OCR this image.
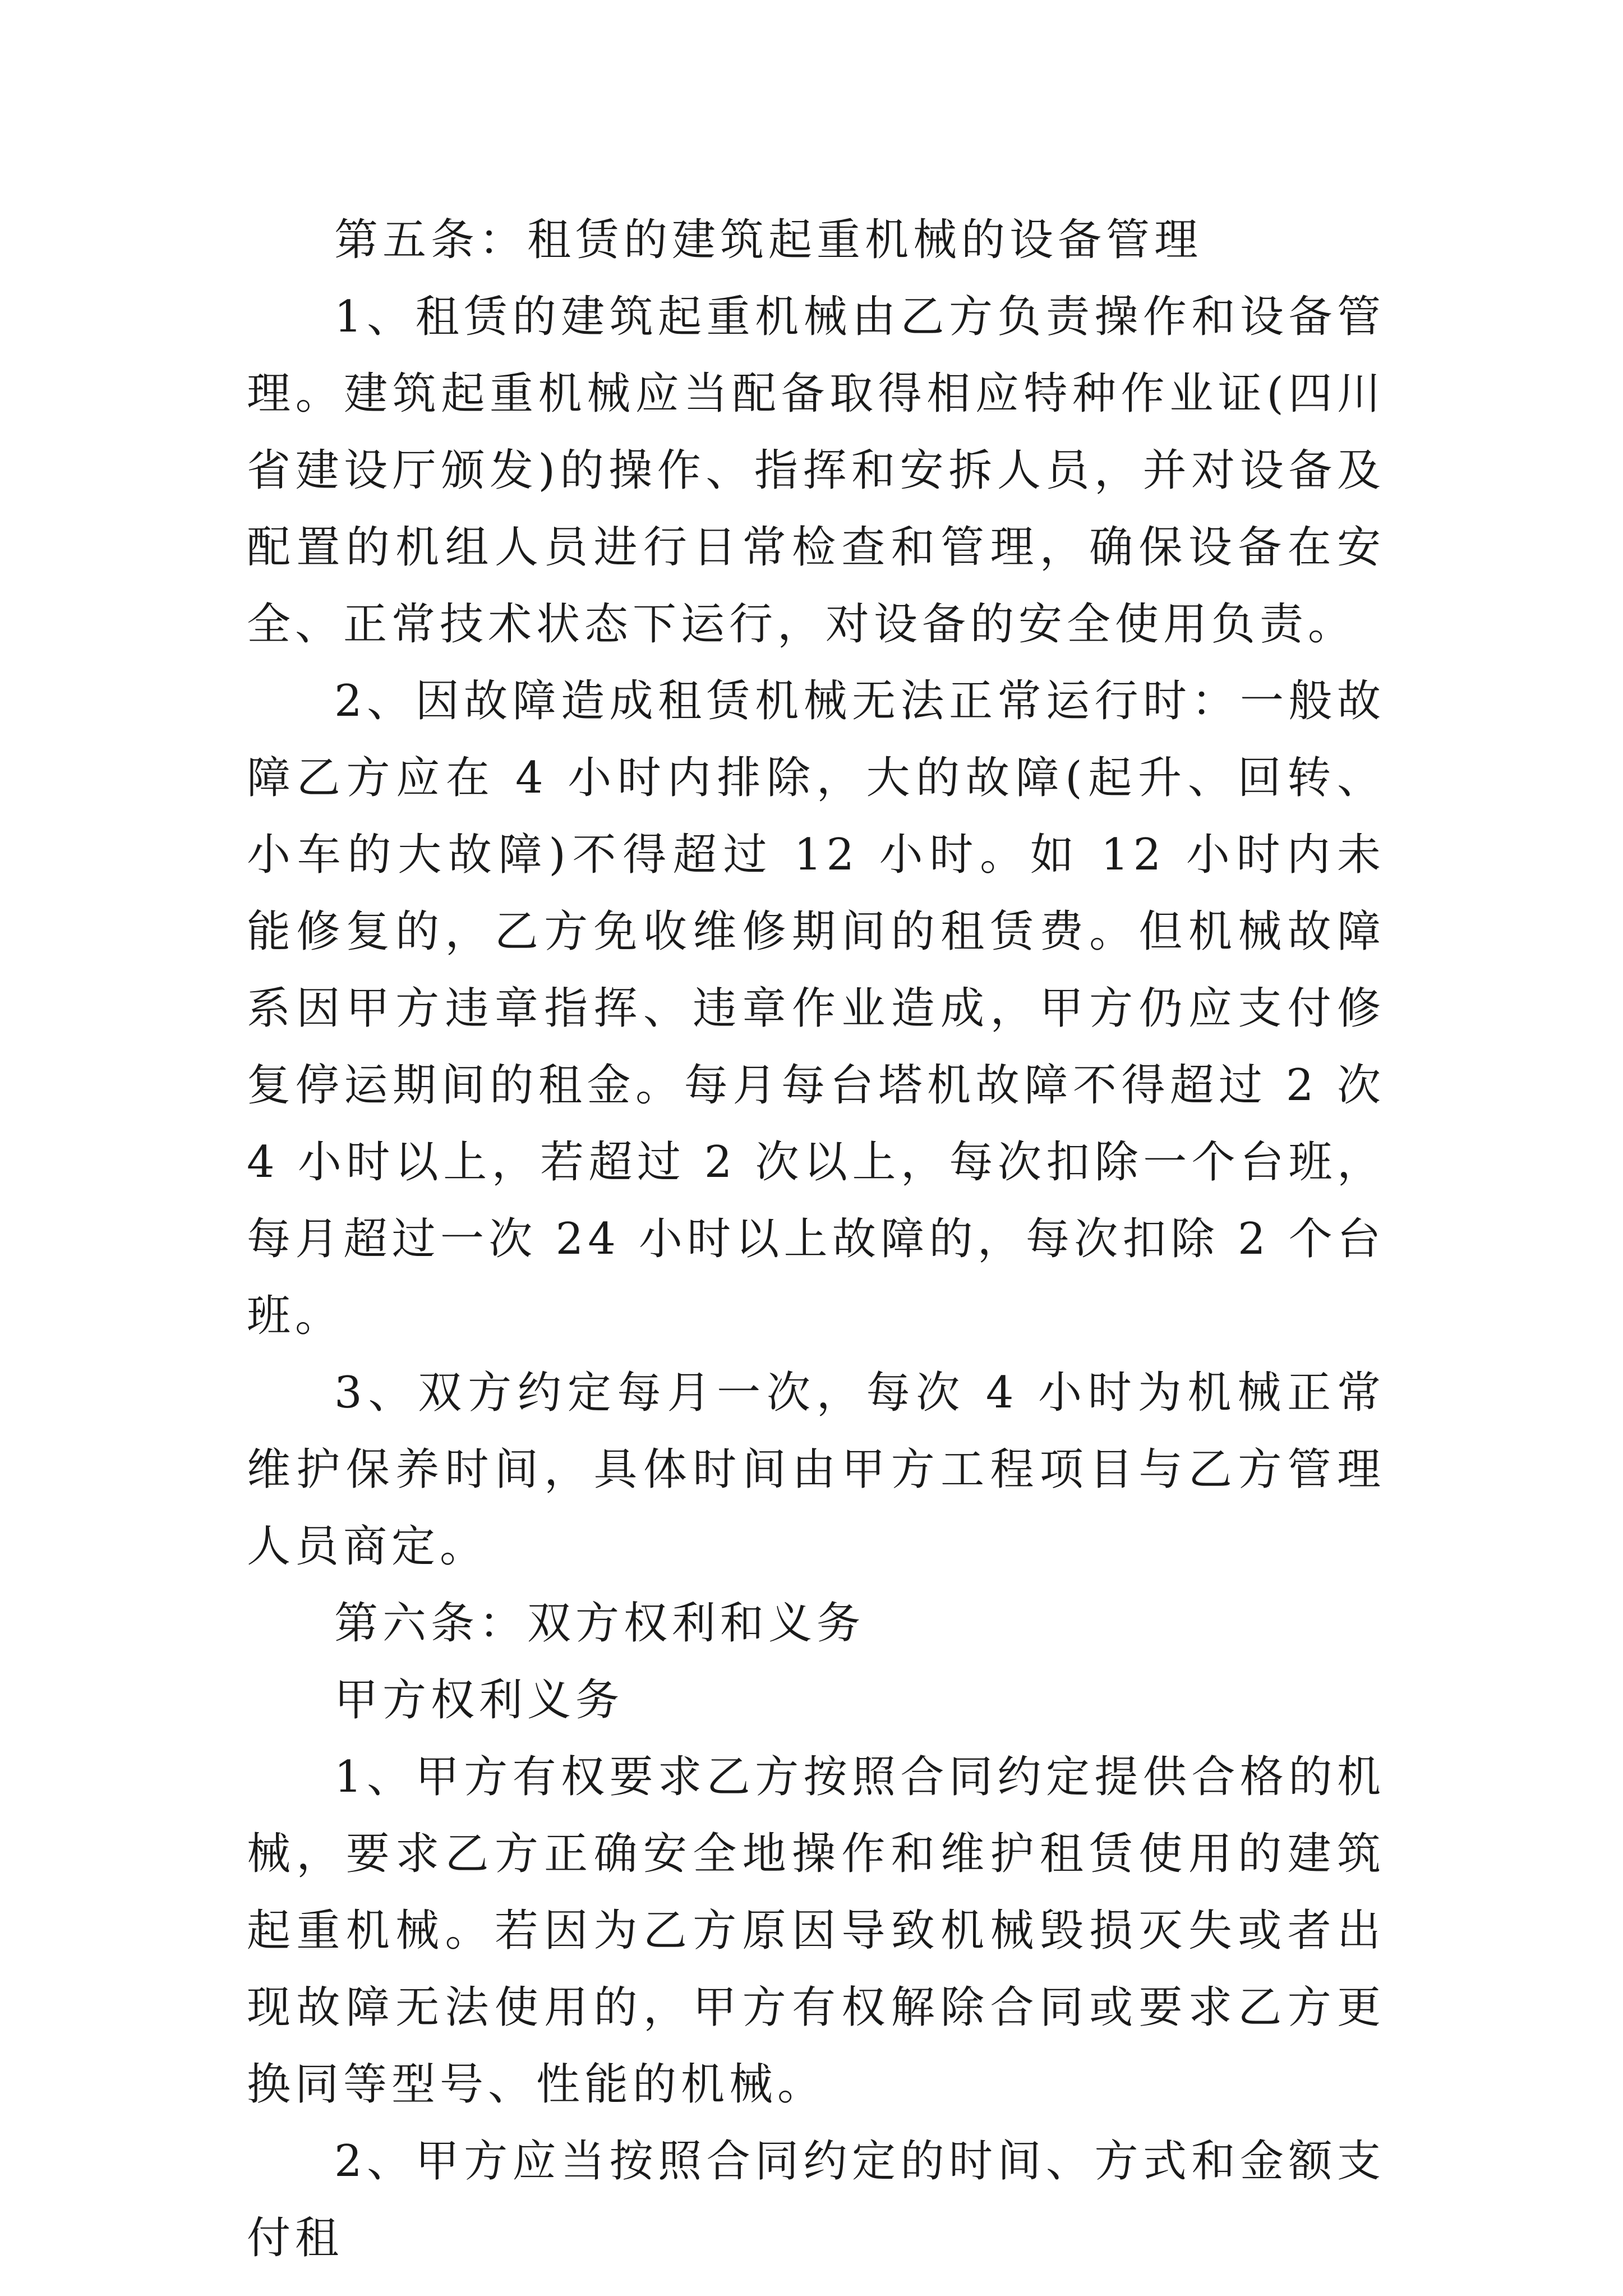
第五条：租赁的建筑起重机械的设备管理

1、租赁的建筑起重机械由乙方负责操作和设备管理。建筑起重机械应当配备取得相应特种作业证(四川省建设厅颁发)的操作、指挥和安拆人员，并对设备及配置的机组人员进行日常检查和管理，确保设备在安全、正常技术状态下运行，对设备的安全使用负责。

2、因故障造成租赁机械无法正常运行时：一般故障乙方应在 4 小时内排除，大的故障(起升、回转、小车的大故障)不得超过 12 小时。如 12 小时内未能修复的，乙方免收维修期间的租赁费。但机械故障系因甲方违章指挥、违章作业造成，甲方仍应支付修复停运期间的租金。每月每台塔机故障不得超过 2 次 4 小时以上，若超过 2 次以上，每次扣除一个台班，每月超过一次 24 小时以上故障的，每次扣除 2 个台班。

3、双方约定每月一次，每次 4 小时为机械正常维护保养时间，具体时间由甲方工程项目与乙方管理人员商定。

第六条：双方权利和义务

甲方权利义务

1、甲方有权要求乙方按照合同约定提供合格的机械，要求乙方正确安全地操作和维护租赁使用的建筑起重机械。若因为乙方原因导致机械毁损灭失或者出现故障无法使用的，甲方有权解除合同或要求乙方更换同等型号、性能的机械。

2、甲方应当按照合同约定的时间、方式和金额支付租
